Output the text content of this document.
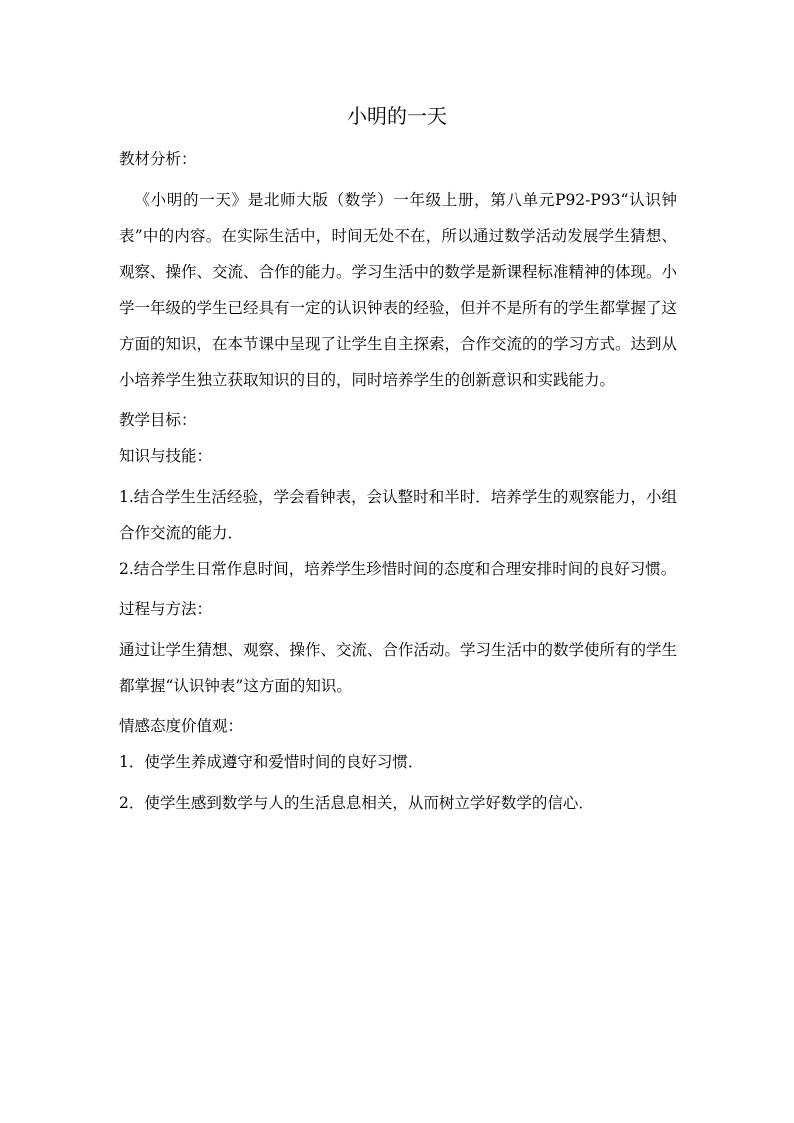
小明的一天

教材分析：

《小明的一天》是北师大版（数学）一年级上册，第八单元P92-P93“认识钟表”中的内容。在实际生活中，时间无处不在，所以通过数学活动发展学生猜想、观察、操作、交流、合作的能力。学习生活中的数学是新课程标准精神的体现。小学一年级的学生已经具有一定的认识钟表的经验，但并不是所有的学生都掌握了这方面的知识，在本节课中呈现了让学生自主探索，合作交流的的学习方式。达到从小培养学生独立获取知识的目的，同时培养学生的创新意识和实践能力。

教学目标：

知识与技能：

1.结合学生生活经验，学会看钟表，会认整时和半时．培养学生的观察能力，小组合作交流的能力．

2.结合学生日常作息时间，培养学生珍惜时间的态度和合理安排时间的良好习惯。

过程与方法：

通过让学生猜想、观察、操作、交流、合作活动。学习生活中的数学使所有的学生都掌握“认识钟表”这方面的知识。

情感态度价值观：

1．使学生养成遵守和爱惜时间的良好习惯．

2．使学生感到数学与人的生活息息相关，从而树立学好数学的信心．
